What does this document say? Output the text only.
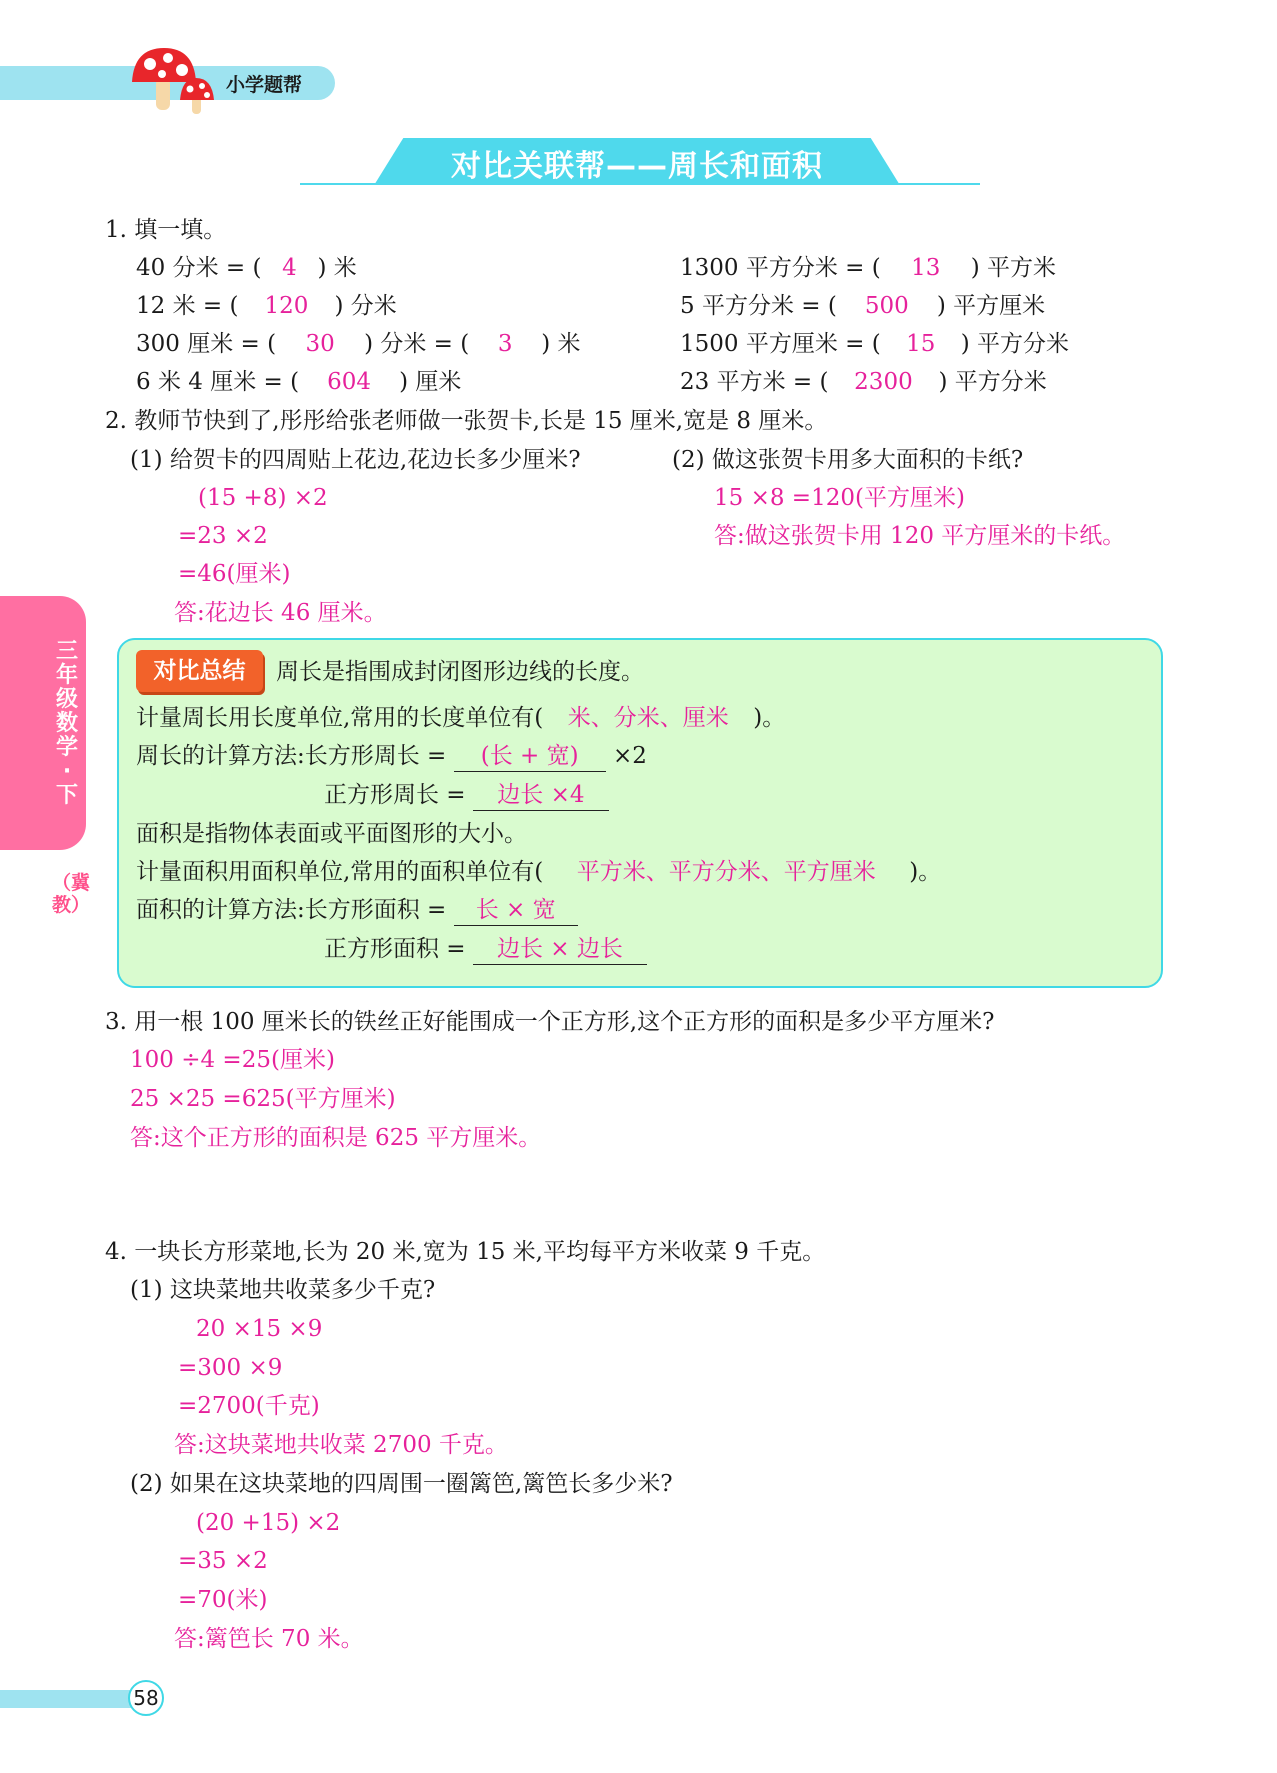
小学题帮
对比关联帮——周长和面积
三年级数学·下
（冀教）
1. 填一填。
40 分米 = ( 4 ) 米
12 米 = ( 120 ) 分米
300 厘米 = ( 30 ) 分米 = ( 3 ) 米
6 米 4 厘米 = ( 604 ) 厘米
1300 平方分米 = ( 13 ) 平方米
5 平方分米 = ( 500 ) 平方厘米
1500 平方厘米 = ( 15 ) 平方分米
23 平方米 = ( 2300 ) 平方分米
2. 教师节快到了,彤彤给张老师做一张贺卡,长是 15 厘米,宽是 8 厘米。
(1) 给贺卡的四周贴上花边,花边长多少厘米?	(2) 做这张贺卡用多大面积的卡纸?
(15 +8) ×2
=23 ×2
=46(厘米)
答:花边长 46 厘米。
15 ×8 =120(平方厘米)
答:做这张贺卡用 120 平方厘米的卡纸。
对比总结	周长是指围成封闭图形边线的长度。
计量周长用长度单位,常用的长度单位有( 米、分米、厘米 )。
周长的计算方法:长方形周长 = (长 + 宽) ×2
正方形周长 = 边长 ×4
面积是指物体表面或平面图形的大小。
计量面积用面积单位,常用的面积单位有( 平方米、平方分米、平方厘米 )。
面积的计算方法:长方形面积 = 长 × 宽
正方形面积 = 边长 × 边长
3. 用一根 100 厘米长的铁丝正好能围成一个正方形,这个正方形的面积是多少平方厘米?
100 ÷4 =25(厘米)
25 ×25 =625(平方厘米)
答:这个正方形的面积是 625 平方厘米。
4. 一块长方形菜地,长为 20 米,宽为 15 米,平均每平方米收菜 9 千克。
(1) 这块菜地共收菜多少千克?
20 ×15 ×9
=300 ×9
=2700(千克)
答:这块菜地共收菜 2700 千克。
(2) 如果在这块菜地的四周围一圈篱笆,篱笆长多少米?
(20 +15) ×2
=35 ×2
=70(米)
答:篱笆长 70 米。
58
